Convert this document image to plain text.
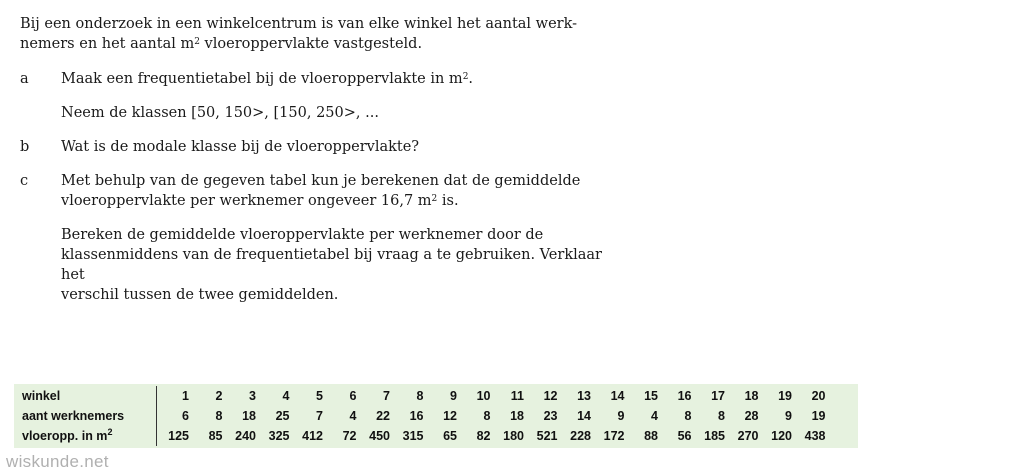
Bij een onderzoek in een winkelcentrum is van elke winkel het aantal werk-
nemers en het aantal $m^2$ vloeroppervlakte vastgesteld.

a Maak een frequentietabel bij de vloeroppervlakte in $m^2$.

Neem de klassen [50, 150>, [150, 250>, ...

b Wat is de modale klasse bij de vloeroppervlakte?

c Met behulp van de gegeven tabel kun je berekenen dat de gemiddelde
vloeroppervlakte per werknemer ongeveer 16,7 $m^2$ is.

Bereken de gemiddelde vloeroppervlakte per werknemer door de
klassenmiddens van de frequentietabel bij vraag a te gebruiken. Verklaar het
verschil tussen de twee gemiddelden.

winkel	1	2	3	4	5	6	7	8	9	10	11	12	13	14	15	16	17	18	19	20
aant werknemers	6	8	18	25	7	4	22	16	12	8	18	23	14	9	4	8	8	28	9	19
vloeropp. in $m^2$	125	85	240	325	412	72	450	315	65	82	180	521	228	172	88	56	185	270	120	438
wiskunde.net
